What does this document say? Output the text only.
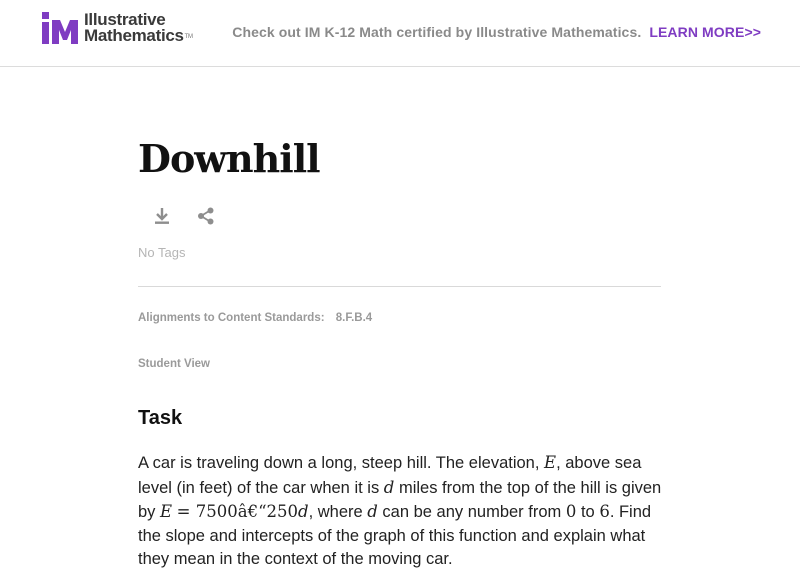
Illustrative
Mathematics TM	Check out IM K-12 Math certified by Illustrative Mathematics. LEARN MORE>>
Downhill
No Tags
Alignments to Content Standards: 8.F.B.4
Student View
Task

A car is traveling down a long, steep hill. The elevation, E, above sea level (in feet) of the car when it is d miles from the top of the hill is given by E = 7500â€“250d, where d can be any number from 0 to 6. Find the slope and intercepts of the graph of this function and explain what they mean in the context of the moving car.
